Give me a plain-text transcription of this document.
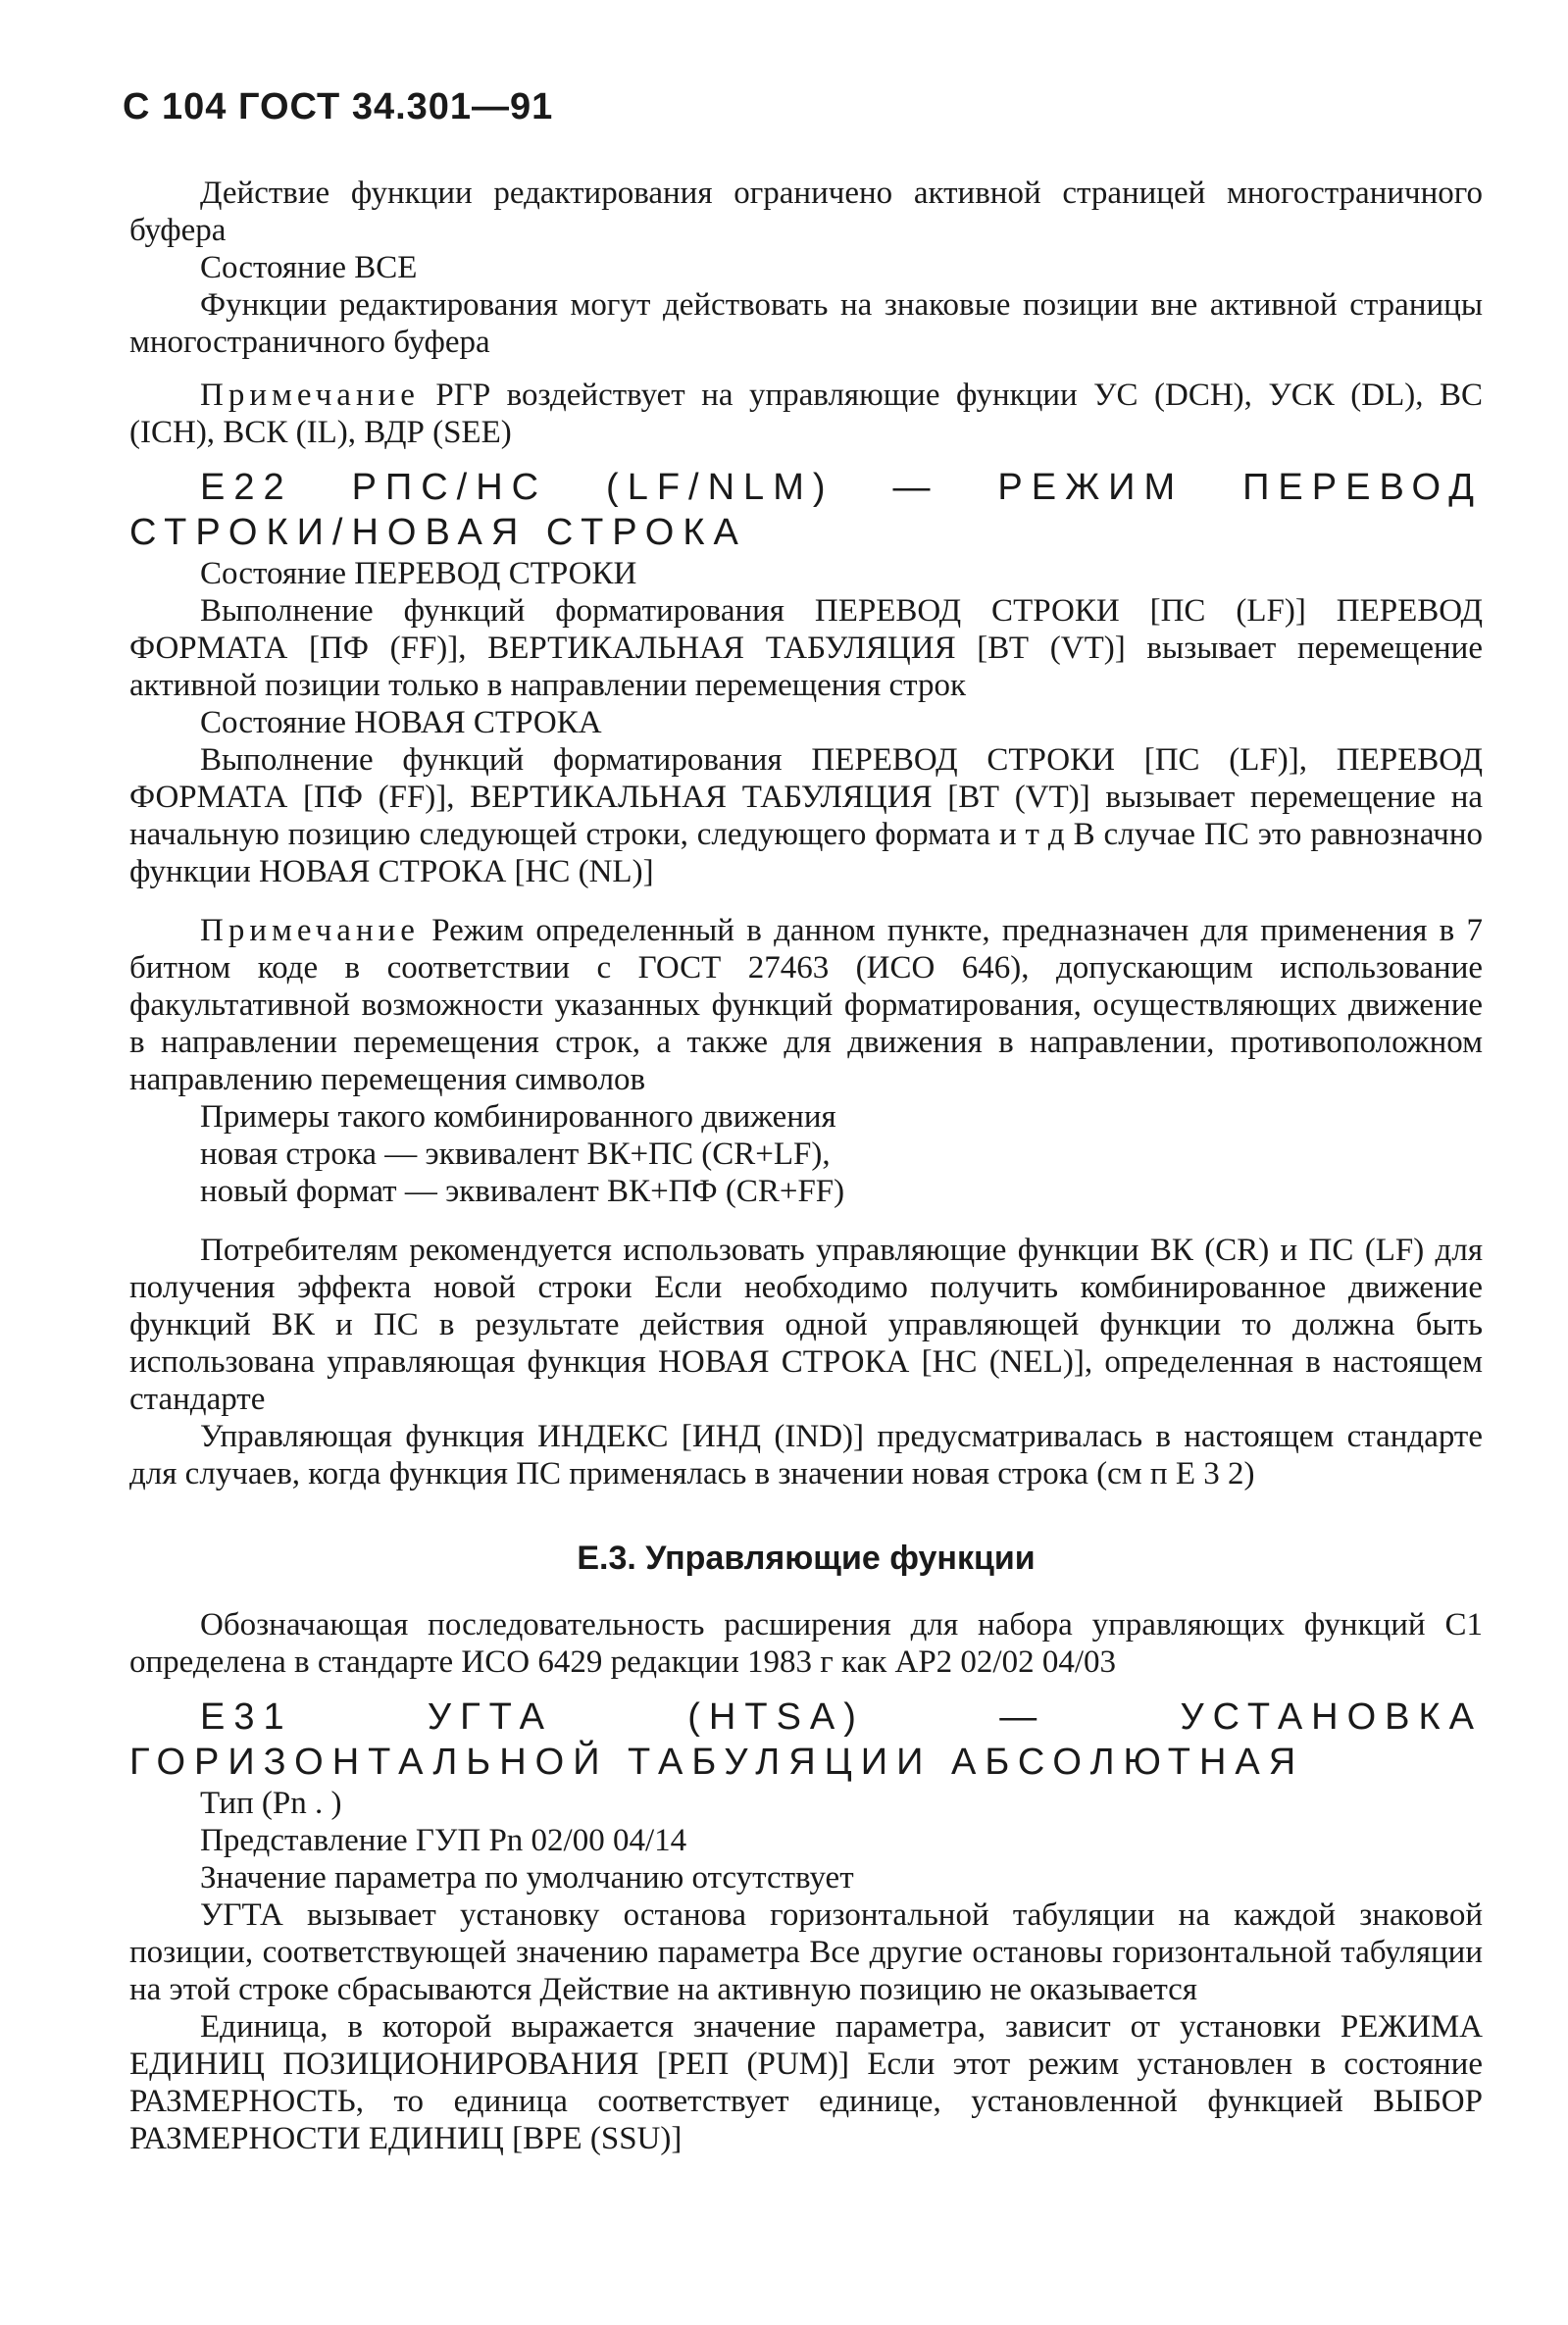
С 104 ГОСТ 34.301—91

Действие функции редактирования ограничено активной страницей многостраничного буфера

Состояние ВСЕ

Функции редактирования могут действовать на знаковые позиции вне активной страницы многостраничного буфера

Примечание РГР воздействует на управляющие функции УС (DCH), УСК (DL), ВС (ICH), ВСК (IL), ВДР (SEE)

Е22 РПС/НС (LF/NLM) — РЕЖИМ ПЕРЕВОД СТРОКИ/НОВАЯ СТРОКА

Состояние ПЕРЕВОД СТРОКИ

Выполнение функций форматирования ПЕРЕВОД СТРОКИ [ПС (LF)] ПЕРЕВОД ФОРМАТА [ПФ (FF)], ВЕРТИКАЛЬНАЯ ТАБУЛЯЦИЯ [ВТ (VT)] вызывает перемещение активной позиции только в направлении перемещения строк

Состояние НОВАЯ СТРОКА

Выполнение функций форматирования ПЕРЕВОД СТРОКИ [ПС (LF)], ПЕРЕВОД ФОРМАТА [ПФ (FF)], ВЕРТИКАЛЬНАЯ ТАБУЛЯЦИЯ [ВТ (VT)] вызывает перемещение на начальную позицию следующей строки, следующего формата и т д В случае ПС это равнозначно функции НОВАЯ СТРОКА [НС (NL)]

Примечание Режим определенный в данном пункте, предназначен для применения в 7 битном коде в соответствии с ГОСТ 27463 (ИСО 646), допускающим использование факультативной возможности указанных функций форматирования, осуществляющих движение в направлении перемещения строк, а также для движения в направлении, противоположном направлению перемещения символов

Примеры такого комбинированного движения

новая строка — эквивалент ВК+ПС (CR+LF),

новый формат — эквивалент ВК+ПФ (CR+FF)

Потребителям рекомендуется использовать управляющие функции ВК (CR) и ПС (LF) для получения эффекта новой строки Если необходимо получить комбинированное движение функций ВК и ПС в результате действия одной управляющей функции то должна быть использована управляющая функция НОВАЯ СТРОКА [НС (NEL)], определенная в настоящем стандарте

Управляющая функция ИНДЕКС [ИНД (IND)] предусматривалась в настоящем стандарте для случаев, когда функция ПС применялась в значении новая строка (см п Е 3 2)

Е.3. Управляющие функции

Обозначающая последовательность расширения для набора управляющих функций С1 определена в стандарте ИСО 6429 редакции 1983 г как АР2 02/02 04/03

Е31 УГТА (HTSA) — УСТАНОВКА ГОРИЗОНТАЛЬНОЙ ТАБУЛЯЦИИ АБСОЛЮТНАЯ

Тип (Pn . )

Представление ГУП Pn 02/00 04/14

Значение параметра по умолчанию отсутствует

УГТА вызывает установку останова горизонтальной табуляции на каждой знаковой позиции, соответствующей значению параметра Все другие остановы горизонтальной табуляции на этой строке сбрасываются Действие на активную позицию не оказывается

Единица, в которой выражается значение параметра, зависит от установки РЕЖИМА ЕДИНИЦ ПОЗИЦИОНИРОВАНИЯ [РЕП (PUM)] Если этот режим установлен в состояние РАЗМЕРНОСТЬ, то единица соответствует единице, установленной функцией ВЫБОР РАЗМЕРНОСТИ ЕДИНИЦ [ВРЕ (SSU)]
